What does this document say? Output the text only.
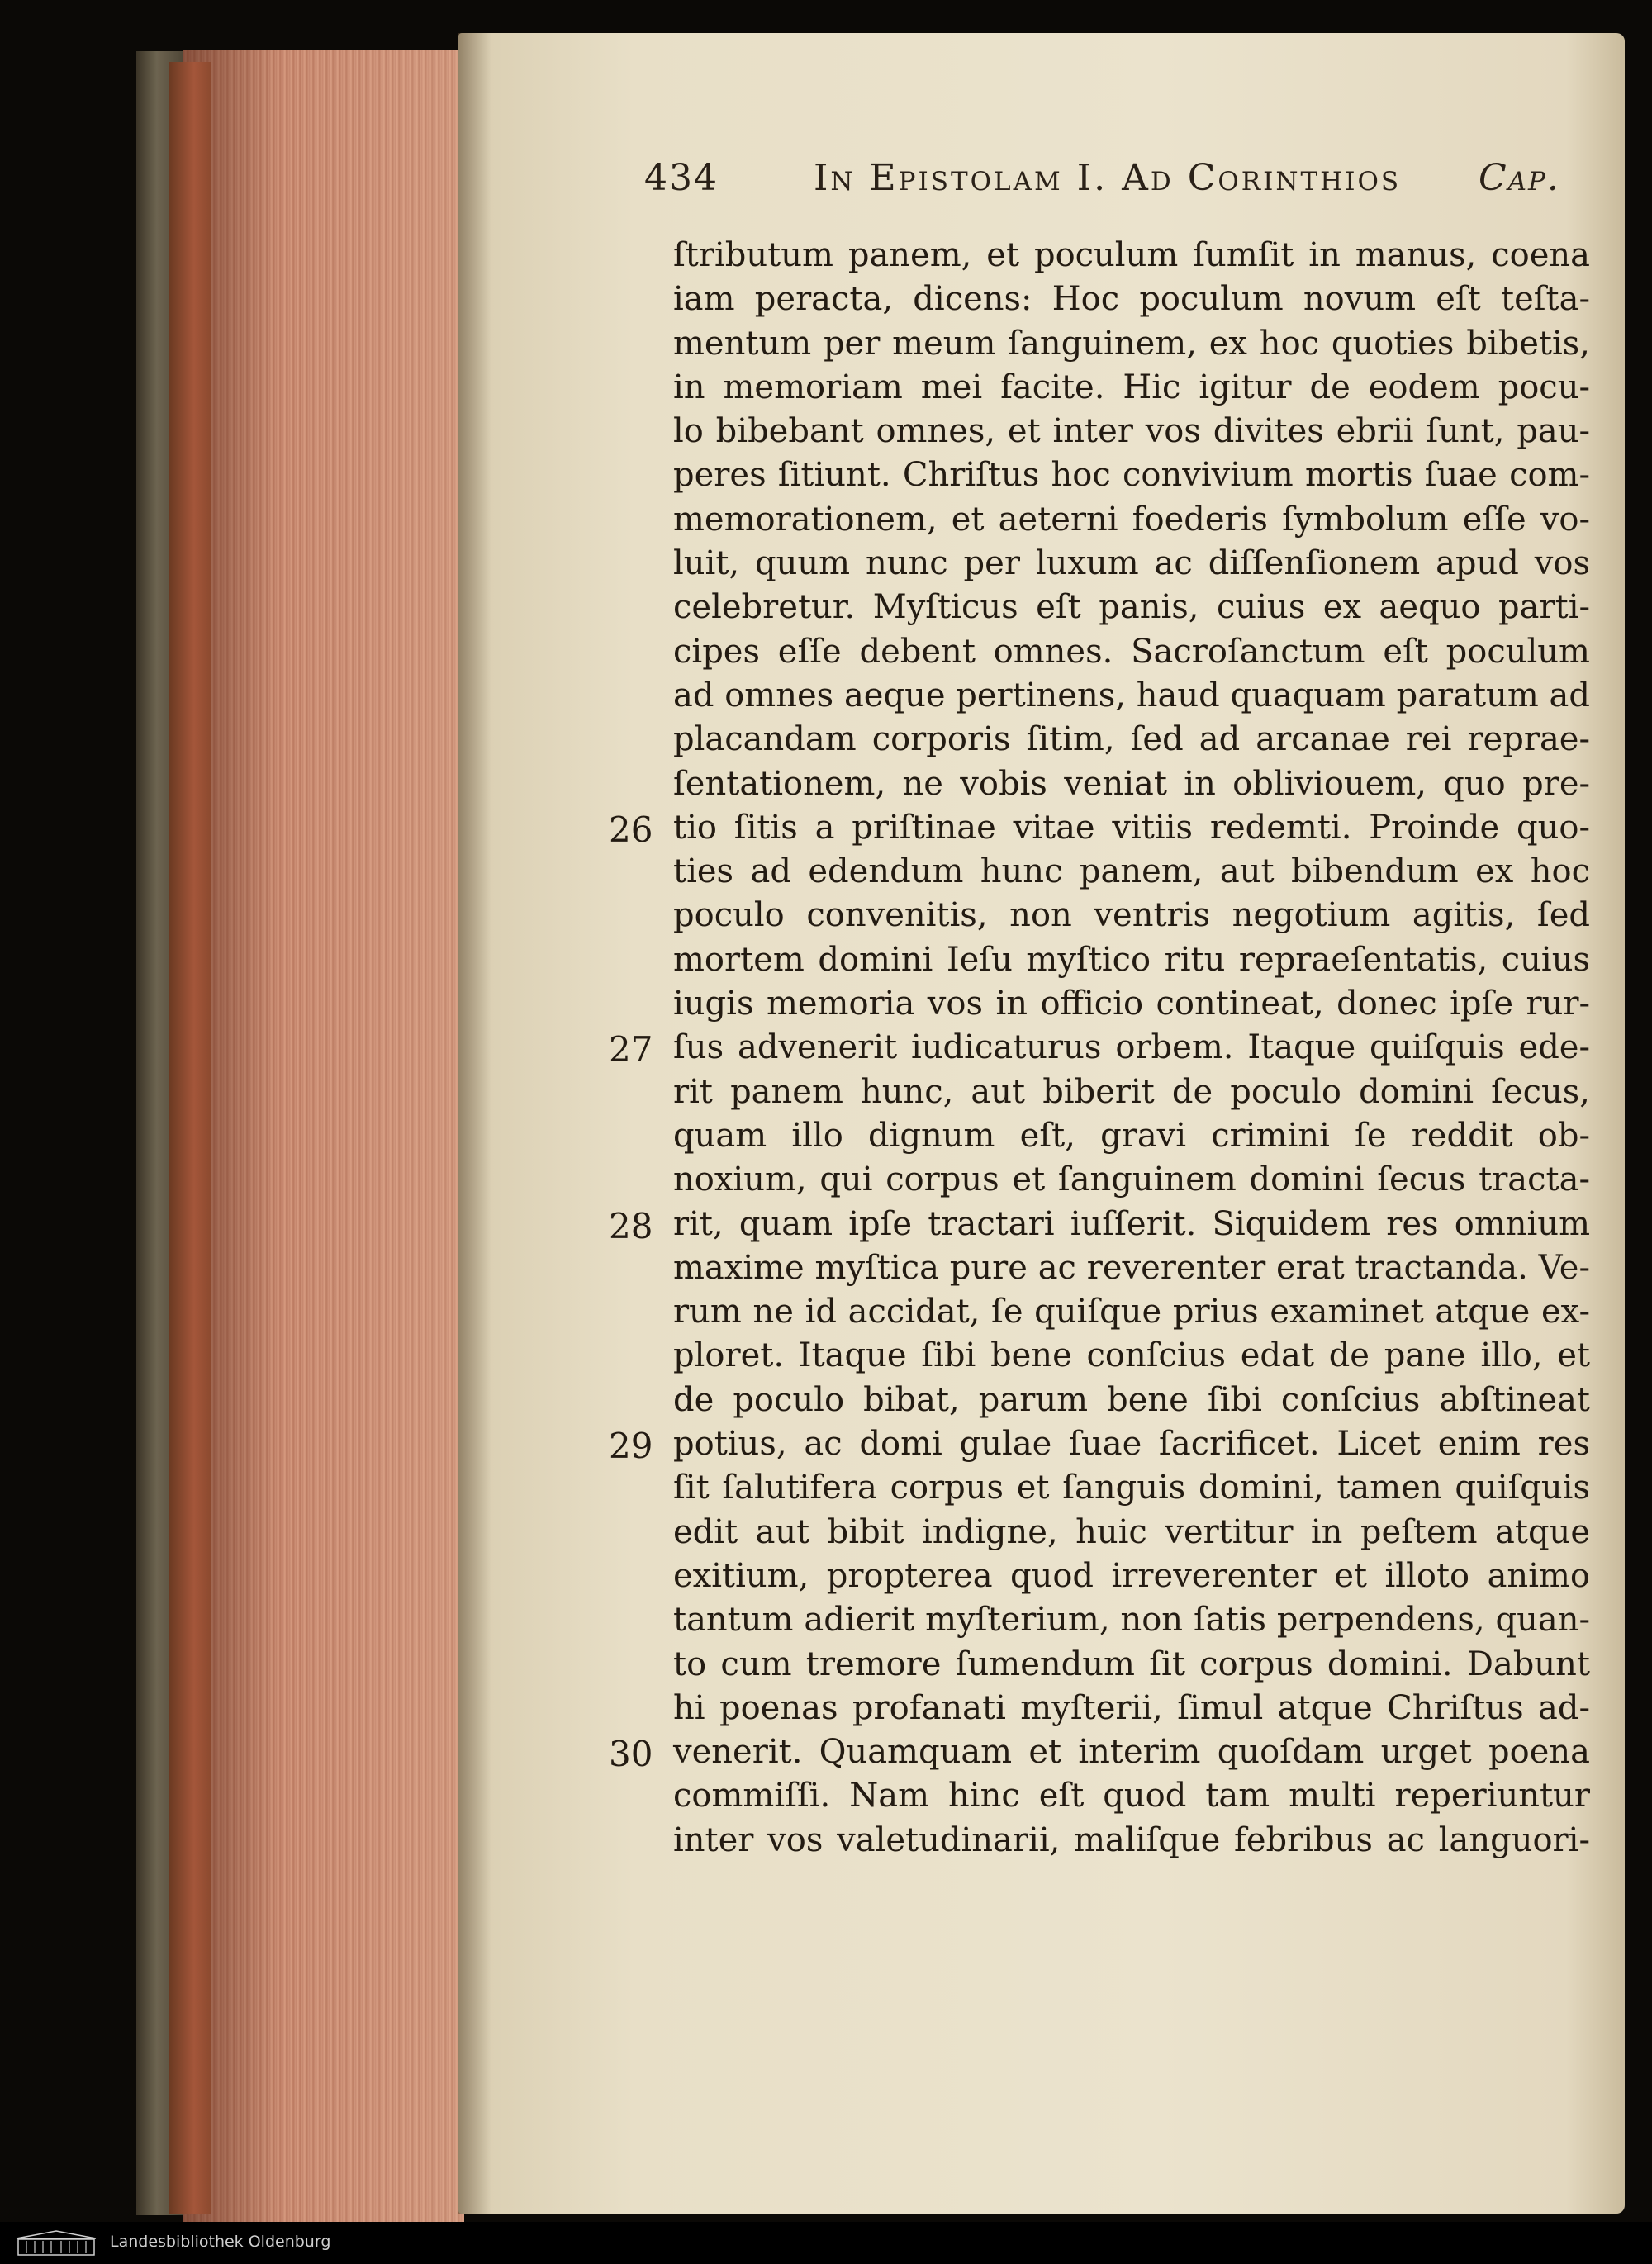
434	In Epistolam I. Ad Corinthios Cap.
ſtributum panem, et poculum ſumſit in manus, coena
iam peracta, dicens: Hoc poculum novum eſt teſta-
mentum per meum ſanguinem, ex hoc quoties bibetis,
in memoriam mei facite. Hic igitur de eodem pocu-
lo bibebant omnes, et inter vos divites ebrii ſunt, pau-
peres ſitiunt. Chriſtus hoc convivium mortis ſuae com-
memorationem, et aeterni foederis ſymbolum eſſe vo-
luit, quum nunc per luxum ac diſſenſionem apud vos
celebretur. Myſticus eſt panis, cuius ex aequo parti-
cipes eſſe debent omnes. Sacroſanctum eſt poculum
ad omnes aeque pertinens, haud quaquam paratum ad
placandam corporis ſitim, ſed ad arcanae rei reprae-
ſentationem, ne vobis veniat in obliviouem, quo pre-
26 tio ſitis a priſtinae vitae vitiis redemti. Proinde quo-
ties ad edendum hunc panem, aut bibendum ex hoc
poculo convenitis, non ventris negotium agitis, ſed
mortem domini Ieſu myſtico ritu repraeſentatis, cuius
iugis memoria vos in officio contineat, donec ipſe rur-
27 ſus advenerit iudicaturus orbem. Itaque quiſquis ede-
rit panem hunc, aut biberit de poculo domini ſecus,
quam illo dignum eſt, gravi crimini ſe reddit ob-
noxium, qui corpus et ſanguinem domini ſecus tracta-
28 rit, quam ipſe tractari iuſſerit. Siquidem res omnium
maxime myſtica pure ac reverenter erat tractanda. Ve-
rum ne id accidat, ſe quiſque prius examinet atque ex-
ploret. Itaque ſibi bene conſcius edat de pane illo, et
de poculo bibat, parum bene ſibi conſcius abſtineat
29 potius, ac domi gulae ſuae ſacrificet. Licet enim res
ſit ſalutifera corpus et ſanguis domini, tamen quiſquis
edit aut bibit indigne, huic vertitur in peſtem atque
exitium, propterea quod irreverenter et illoto animo
tantum adierit myſterium, non ſatis perpendens, quan-
to cum tremore ſumendum ſit corpus domini. Dabunt
hi poenas profanati myſterii, ſimul atque Chriſtus ad-
30 venerit. Quamquam et interim quoſdam urget poena
commiſſi. Nam hinc eſt quod tam multi reperiuntur
inter vos valetudinarii, maliſque febribus ac languori-
Landesbibliothek Oldenburg
